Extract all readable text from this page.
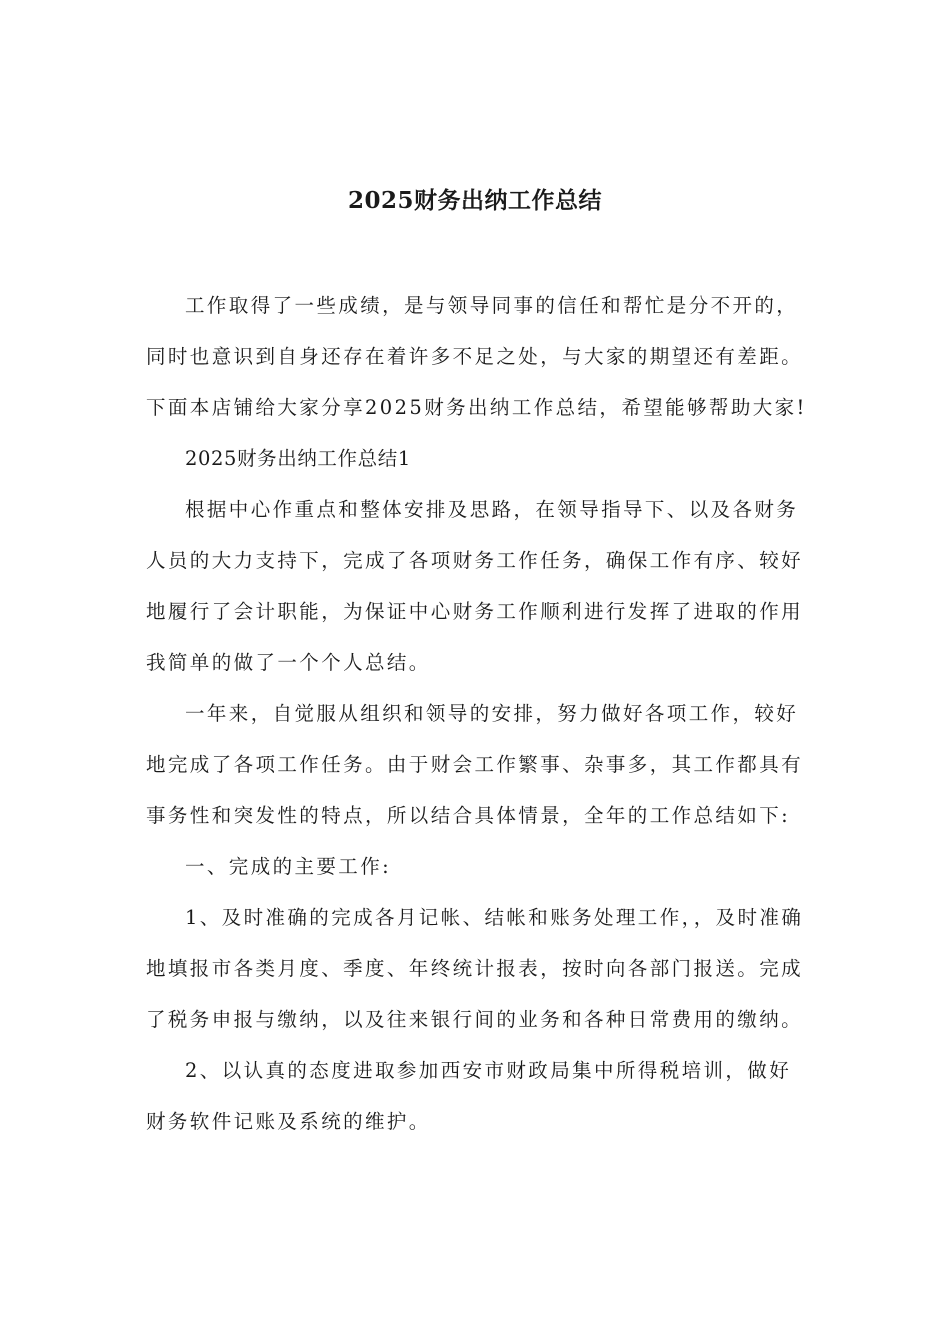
2025财务出纳工作总结

工作取得了一些成绩，是与领导同事的信任和帮忙是分不开的，同时也意识到自身还存在着许多不足之处，与大家的期望还有差距。下面本店铺给大家分享2025财务出纳工作总结，希望能够帮助大家!

2025财务出纳工作总结1

根据中心作重点和整体安排及思路，在领导指导下、以及各财务人员的大力支持下，完成了各项财务工作任务，确保工作有序、较好地履行了会计职能，为保证中心财务工作顺利进行发挥了进取的作用我简单的做了一个个人总结。

一年来，自觉服从组织和领导的安排，努力做好各项工作，较好地完成了各项工作任务。由于财会工作繁事、杂事多，其工作都具有事务性和突发性的特点，所以结合具体情景，全年的工作总结如下:

一、完成的主要工作:

1、及时准确的完成各月记帐、结帐和账务处理工作，，及时准确地填报市各类月度、季度、年终统计报表，按时向各部门报送。完成了税务申报与缴纳，以及往来银行间的业务和各种日常费用的缴纳。

2、以认真的态度进取参加西安市财政局集中所得税培训，做好财务软件记账及系统的维护。
